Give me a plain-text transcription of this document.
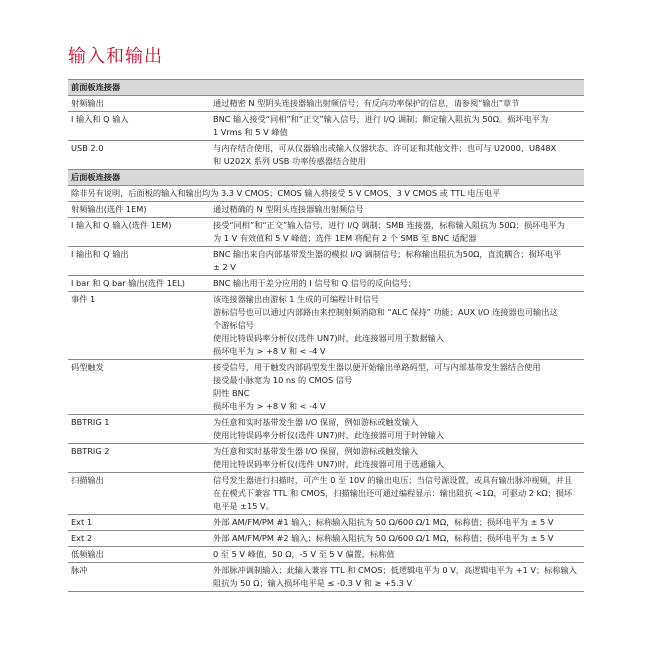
输入和输出
前面板连接器	
射频输出	通过精密 N 型阴头连接器输出射频信号；有反向功率保护的信息，请参阅“输出”章节

I 输入和 Q 输入	BNC 输入接受“同相”和“正交”输入信号，进行 I/Q 调制；额定输入阻抗为 50Ω。损坏电平为
1 Vrms 和 5 V 峰值

USB 2.0	与内存结合使用，可从仪器输出或输入仪器状态、许可证和其他文件；也可与 U2000、U848X
和 U202X 系列 USB 功率传感器结合使用

后面板连接器	
除非另有说明，后面板的输入和输出均为 3.3 V CMOS；CMOS 输入将接受 5 V CMOS、3 V CMOS 或 TTL 电压电平	
射频输出(选件 1EM)	通过精确的 N 型阴头连接器输出射频信号

I 输入和 Q 输入(选件 1EM)	接受“同相”和“正交”输入信号，进行 I/Q 调制；SMB 连接器，标称输入阻抗为 50Ω；损坏电平为
为 1 V 有效值和 5 V 峰值；选件 1EM 将配有 2 个 SMB 至 BNC 适配器

I 输出和 Q 输出	BNC 输出来自内部基带发生器的模拟 I/Q 调制信号；标称输出阻抗为50Ω，直流耦合；损坏电平
± 2 V

I bar 和 Q bar 输出(选件 1EL)	BNC 输出用于差分应用的 I 信号和 Q 信号的反向信号；

事件 1	该连接器输出由游标 1 生成的可编程计时信号
游标信号也可以通过内部路由来控制射频消隐和 “ALC 保持” 功能；AUX I/O 连接器也可输出这
个游标信号
使用比特误码率分析仪(选件 UN7)时，此连接器可用于数据输入
损坏电平为 > +8 V 和 < -4 V

码型触发	接受信号，用于触发内部码型发生器以便开始输出单路码型，可与内部基带发生器结合使用
接受最小脉宽为 10 ns 的 CMOS 信号
阴性 BNC
损坏电平为 > +8 V 和 < -4 V

BBTRIG 1	为任意和实时基带发生器 I/O 保留，例如游标或触发输入
使用比特误码率分析仪(选件 UN7)时，此连接器可用于时钟输入

BBTRIG 2	为任意和实时基带发生器 I/O 保留，例如游标或触发输入
使用比特误码率分析仪(选件 UN7)时，此连接器可用于选通输入

扫描输出	信号发生器进行扫描时，可产生 0 至 10V 的输出电压；当信号源设置，或具有输出脉冲视频，并且
在在模式下兼容 TTL 和 CMOS，扫描输出还可通过编程显示：输出阻抗 <1Ω，可驱动 2 kΩ；损坏
电平是 ±15 V。

Ext 1	外部 AM/FM/PM #1 输入；标称输入阻抗为 50 Ω/600 Ω/1 MΩ，标称值；损坏电平为 ± 5 V

Ext 2	外部 AM/FM/PM #2 输入；标称输入阻抗为 50 Ω/600 Ω/1 MΩ，标称值；损坏电平为 ± 5 V

低频输出	0 至 5 V 峰值，50 Ω，-5 V 至 5 V 偏置，标称值

脉冲	外部脉冲调制输入；此输入兼容 TTL 和 CMOS；低逻辑电平为 0 V，高逻辑电平为 +1 V；标称输入
阻抗为 50 Ω；输入损坏电平是 ≤ -0.3 V 和 ≥ +5.3 V
